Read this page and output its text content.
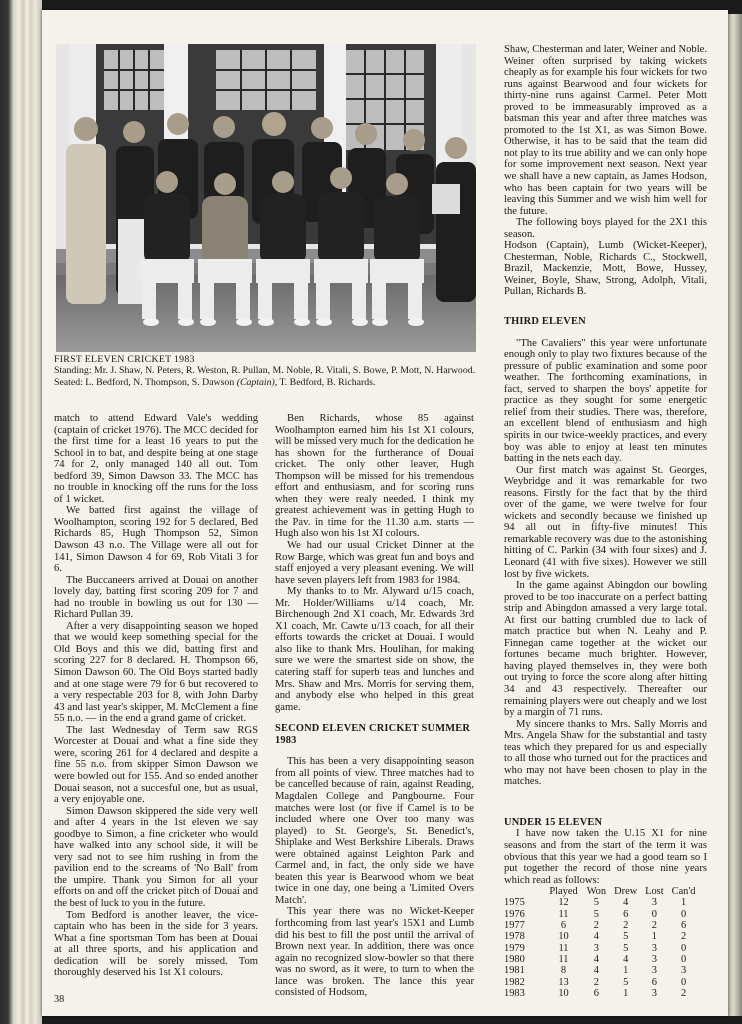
FIRST ELEVEN CRICKET 1983
Standing: Mr. J. Shaw, N. Peters, R. Weston, R. Pullan, M. Noble, R. Vitali, S. Bowe, P. Mott, N. Harwood.
Seated: L. Bedford, N. Thompson, S. Dawson (Captain), T. Bedford, B. Richards.

match to attend Edward Vale's wedding (captain of cricket 1976). The MCC decided for the first time for a least 16 years to put the School in to bat, and despite being at one stage 74 for 2, only managed 140 all out. Tom bedford 39, Simon Dawson 33. The MCC has no trouble in knocking off the runs for the loss of 1 wicket.

We batted first against the village of Woolhampton, scoring 192 for 5 declared, Bed Richards 85, Hugh Thompson 52, Simon Dawson 43 n.o. The Village were all out for 141, Simon Dawson 4 for 69, Rob Vitali 3 for 6.

The Buccaneers arrived at Douai on another lovely day, batting first scoring 209 for 7 and had no trouble in bowling us out for 130 — Richard Pullan 39.

After a very disappointing season we hoped that we would keep something special for the Old Boys and this we did, batting first and scoring 227 for 8 declared. H. Thompson 66, Simon Dawson 60. The Old Boys started badly and at one stage were 79 for 6 but recovered to a very respectable 203 for 8, with John Darby 43 and last year's skipper, M. McClement a fine 55 n.o. — in the end a grand game of cricket.

The last Wednesday of Term saw RGS Worcester at Douai and what a fine side they were, scoring 261 for 4 declared and despite a fine 55 n.o. from skipper Simon Dawson we were bowled out for 155. And so ended another Douai season, not a succesful one, but as usual, a very enjoyable one.

Simon Dawson skippered the side very well and after 4 years in the 1st eleven we say goodbye to Simon, a fine cricketer who would have walked into any school side, it will be very sad not to see him rushing in from the pavilion end to the screams of 'No Ball' from the umpire. Thank you Simon for all your efforts on and off the cricket pitch of Douai and the best of luck to you in the future.

Tom Bedford is another leaver, the vice-captain who has been in the side for 3 years. What a fine sportsman Tom has been at Douai at all three sports, and his application and dedication will be sorely missed. Tom thoroughly deserved his 1st X1 colours.

Ben Richards, whose 85 against Woolhampton earned him his 1st X1 colours, will be missed very much for the dedication he has shown for the furtherance of Douai cricket. The only other leaver, Hugh Thompson will be missed for his tremendous effort and enthusiasm, and for scoring runs when they were realy needed. I think my greatest achievement was in getting Hugh to the Pav. in time for the 11.30 a.m. starts — Hugh also won his 1st XI colours.

We had our usual Cricket Dinner at the Row Barge, which was great fun and boys and staff enjoyed a very pleasant evening. We will have seven players left from 1983 for 1984.

My thanks to to Mr. Alyward u/15 coach, Mr. Holder/Williams u/14 coach, Mr. Birchenough 2nd X1 coach, Mr. Edwards 3rd X1 coach, Mr. Cawte u/13 coach, for all their efforts towards the cricket at Douai. I would also like to thank Mrs. Houlihan, for making sure we were the smartest side on show, the catering staff for superb teas and lunches and Mrs. Shaw and Mrs. Morris for serving them, and anybody else who helped in this great game.

SECOND ELEVEN CRICKET SUMMER 1983

This has been a very disappointing season from all points of view. Three matches had to be cancelled because of rain, against Reading, Magdalen College and Pangbourne. Four matches were lost (or five if Camel is to be included where one Over too many was played) to St. George's, St. Benedict's, Shiplake and West Berkshire Liberals. Draws were obtained against Leighton Park and Carmel and, in fact, the only side we have beaten this year is Bearwood whom we beat twice in one day, one being a 'Limited Overs Match'.

This year there was no Wicket-Keeper forthcoming from last year's 15X1 and Lumb did his best to fill the post until the arrival of Brown next year. In addition, there was once again no recognized slow-bowler so that there was no sword, as it were, to turn to when the lance was broken. The lance this year consisted of Hodsom,

Shaw, Chesterman and later, Weiner and Noble. Weiner often surprised by taking wickets cheaply as for example his four wickets for two runs against Bearwood and four wickets for thirty-nine runs against Carmel. Peter Mott proved to be immeasurably improved as a batsman this year and after three matches was promoted to the 1st X1, as was Simon Bowe. Otherwise, it has to be said that the team did not play to its true ability and we can only hope for some improvement next season. Next year we shall have a new captain, as James Hodson, who has been captain for two years will be leaving this Summer and we wish him well for the future.

The following boys played for the 2X1 this season.

Hodson (Captain), Lumb (Wicket-Keeper), Chesterman, Noble, Richards C., Stockwell, Brazil, Mackenzie, Mott, Bowe, Hussey, Weiner, Boyle, Shaw, Strong, Adolph, Vitali, Pullan, Richards B.

THIRD ELEVEN

"The Cavaliers" this year were unfortunate enough only to play two fixtures because of the pressure of public examination and some poor weather. The forthcoming examinations, in fact, served to sharpen the boys' appetite for practice as they sought for some energetic relief from their studies. There was, therefore, an excellent blend of enthusiasm and high spirits in our twice-weekly practices, and every boy was able to enjoy at least ten minutes batting in the nets each day.

Our first match was against St. Georges, Weybridge and it was remarkable for two reasons. Firstly for the fact that by the third over of the game, we were twelve for four wickets and secondly because we finished up 94 all out in fifty-five minutes! This remarkable recovery was due to the astonishing hitting of C. Parkin (34 with four sixes) and J. Leonard (41 with five sixes). However we still lost by five wickets.

In the game against Abingdon our bowling proved to be too inaccurate on a perfect batting strip and Abingdon amassed a very large total. At first our batting crumbled due to lack of match practice but when N. Leahy and P. Finnegan came together at the wicket our fortunes became much brighter. However, having played themselves in, they were both out trying to force the score along after hitting 34 and 43 respectively. Thereafter our remaining players were out cheaply and we lost by a margin of 71 runs.

My sincere thanks to Mrs. Sally Morris and Mrs. Angela Shaw for the substantial and tasty teas which they prepared for us and especially to all those who turned out for the practices and who may not have been chosen to play in the matches.

UNDER 15 ELEVEN

I have now taken the U.15 X1 for nine seasons and from the start of the term it was obvious that this year we had a good team so I put together the record of those nine years which read as follows:

	Played	Won	Drew	Lost	Can'd
1975	12	5	4	3	1
1976	11	5	6	0	0
1977	6	2	2	2	6
1978	10	4	5	1	2
1979	11	3	5	3	0
1980	11	4	4	3	0
1981	8	4	1	3	3
1982	13	2	5	6	0
1983	10	6	1	3	2
38
